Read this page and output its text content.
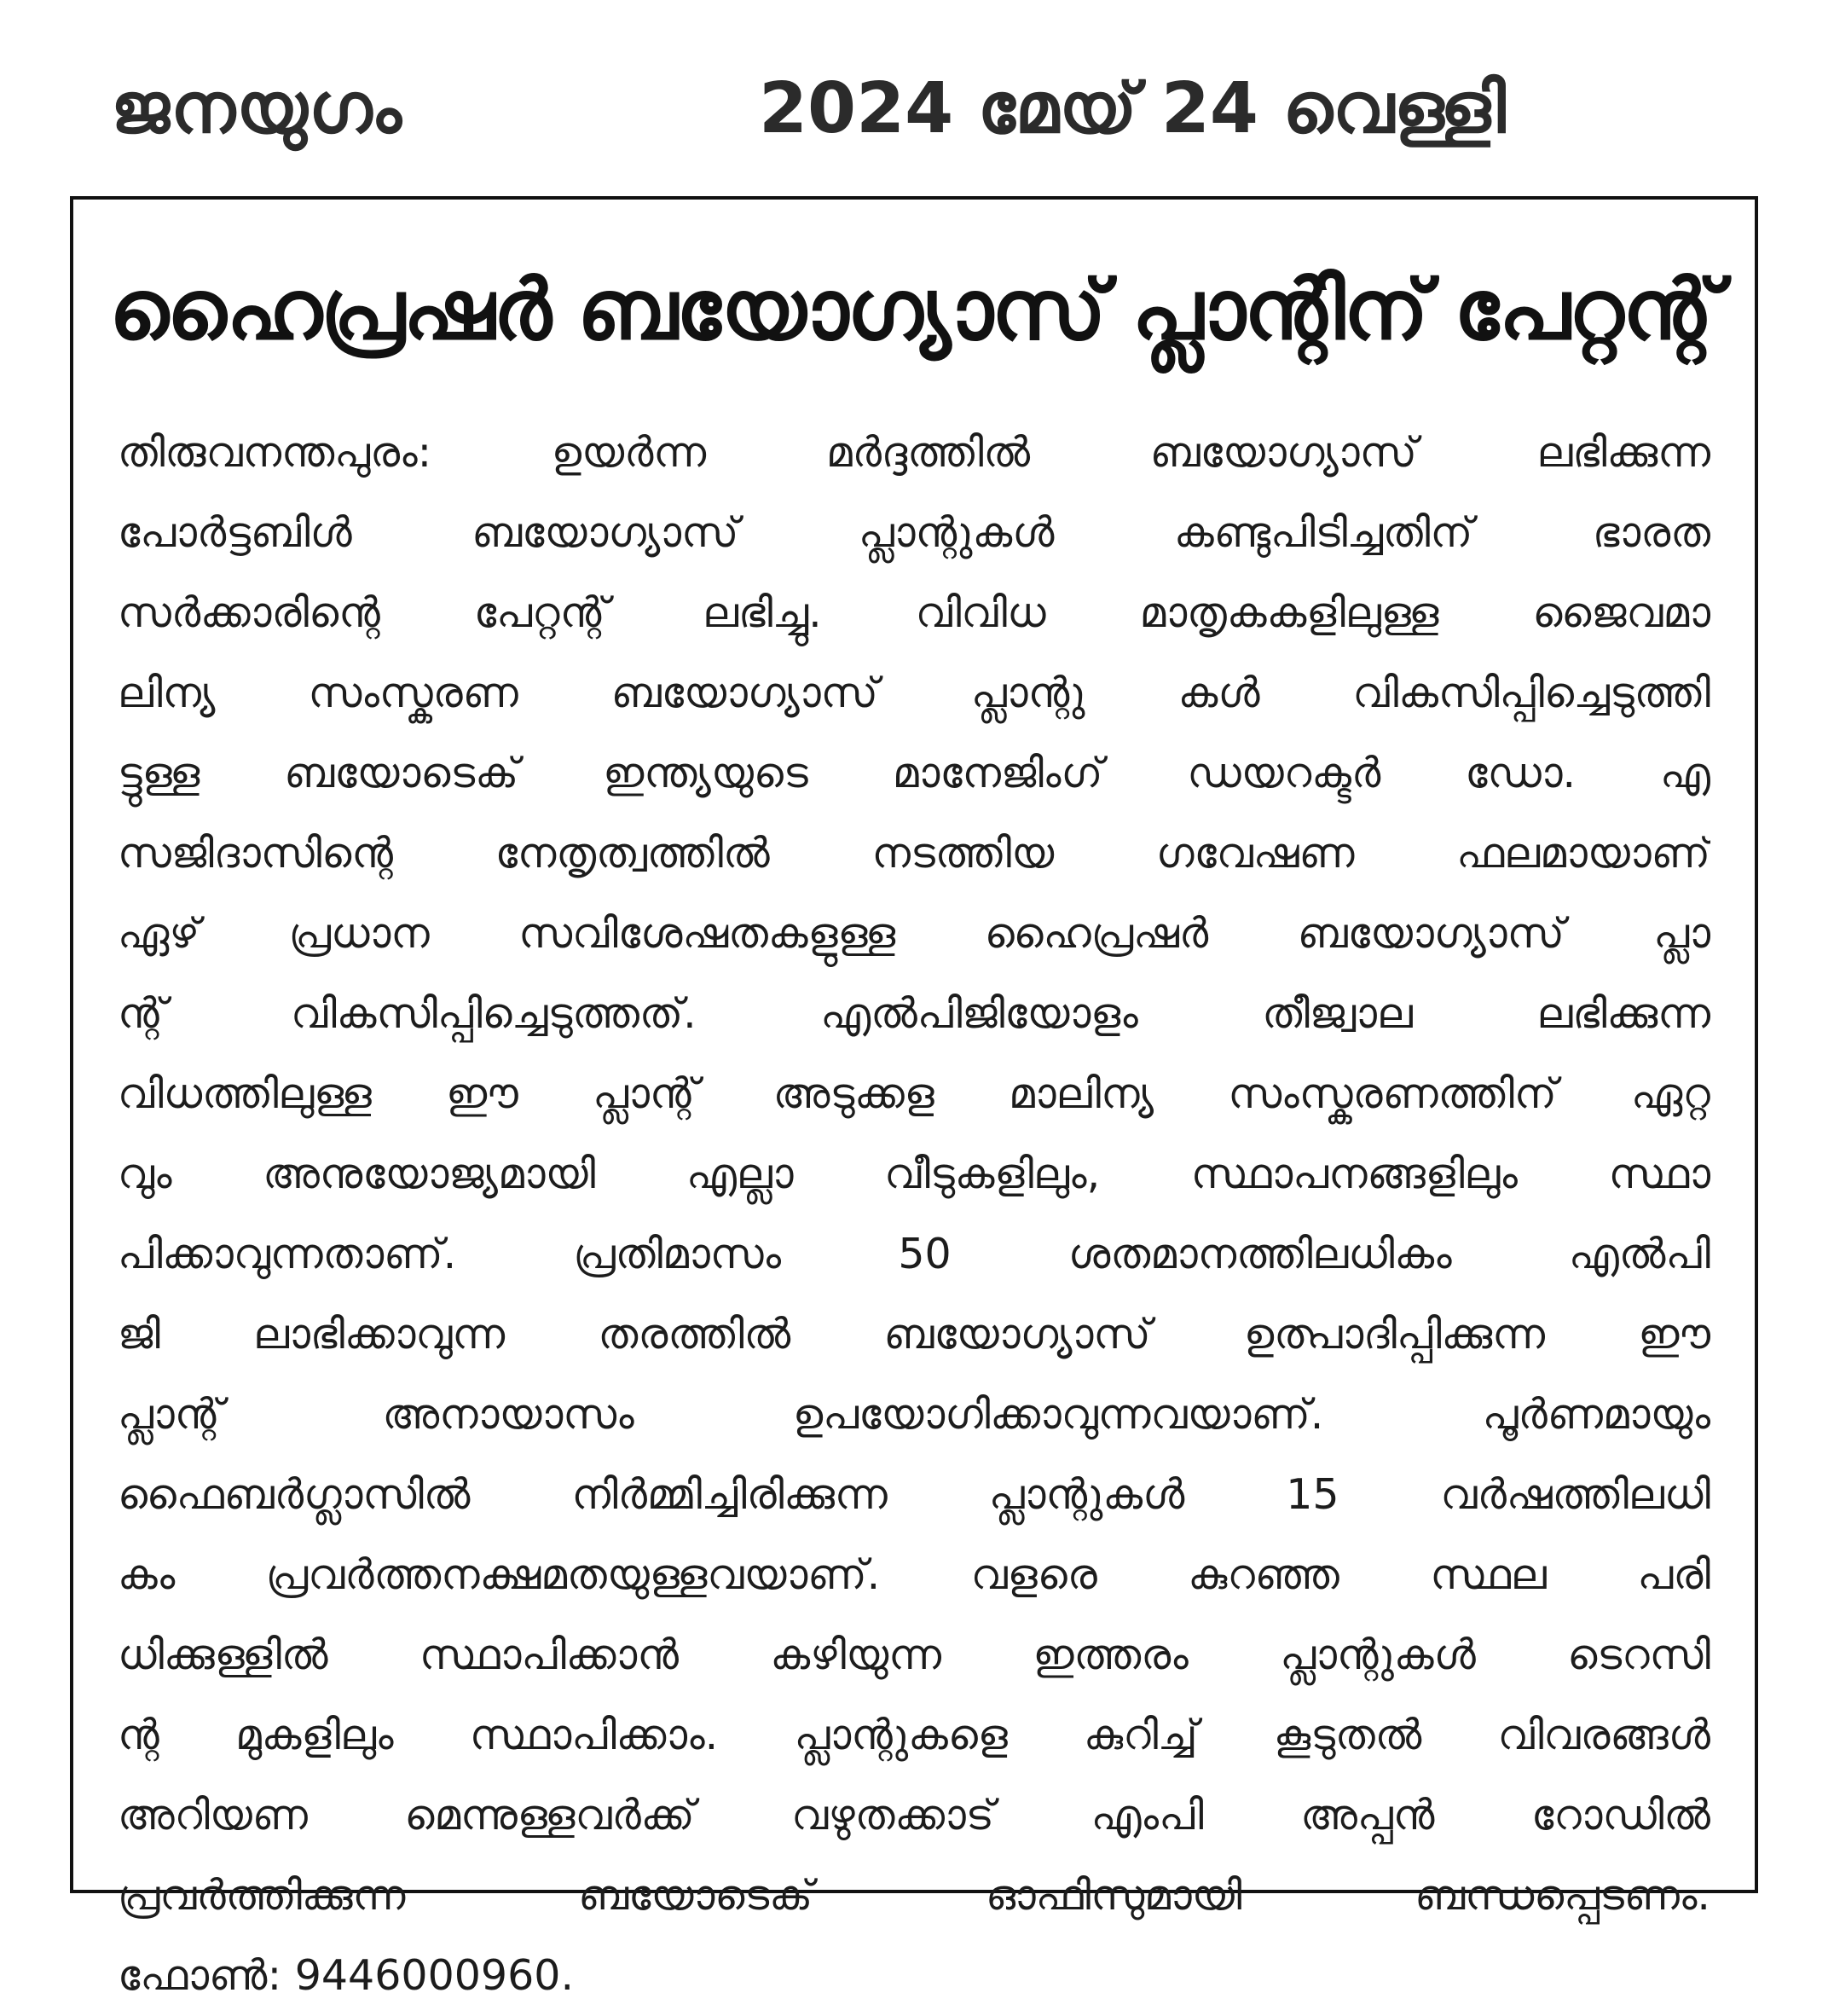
ജനയുഗം	2024 മേയ് 24 വെള്ളി
ഹൈപ്രഷർ ബയോഗ്യാസ് പ്ലാന്റിന് പേറ്റന്റ്
തിരുവനന്തപുരം: ഉയർന്ന മർദ്ദത്തിൽ ബയോഗ്യാസ് ലഭിക്കുന്ന
പോർട്ടബിൾ ബയോഗ്യാസ് പ്ലാന്റുകൾ കണ്ടുപിടിച്ചതിന് ഭാരത
സർക്കാരിന്റെ പേറ്റന്റ് ലഭിച്ചു. വിവിധ മാതൃകകളിലുള്ള ജൈവമാ
ലിന്യ സംസ്കരണ ബയോഗ്യാസ് പ്ലാന്റു കൾ വികസിപ്പിച്ചെടുത്തി
ട്ടുള്ള ബയോടെക് ഇന്ത്യയുടെ മാനേജിംഗ് ഡയറക്ടർ ഡോ. എ
സജിദാസിന്റെ നേതൃത്വത്തിൽ നടത്തിയ ഗവേഷണ ഫലമായാണ്
ഏഴ് പ്രധാന സവിശേഷതകളുള്ള ഹൈപ്രഷർ ബയോഗ്യാസ് പ്ലാ
ന്റ് വികസിപ്പിച്ചെടുത്തത്. എൽപിജിയോളം തീജ്വാല ലഭിക്കുന്ന
വിധത്തിലുള്ള ഈ പ്ലാന്റ് അടുക്കള മാലിന്യ സംസ്കരണത്തിന് ഏറ്റ
വും അനുയോജ്യമായി എല്ലാ വീടുകളിലും, സ്ഥാപനങ്ങളിലും സ്ഥാ
പിക്കാവുന്നതാണ്. പ്രതിമാസം 50 ശതമാനത്തിലധികം എൽപി
ജി ലാഭിക്കാവുന്ന തരത്തിൽ ബയോഗ്യാസ് ഉത്പാദിപ്പിക്കുന്ന ഈ
പ്ലാന്റ് അനായാസം ഉപയോഗിക്കാവുന്നവയാണ്. പൂർണമായും
ഫൈബർഗ്ലാസിൽ നിർമ്മിച്ചിരിക്കുന്ന പ്ലാന്റുകൾ 15 വർഷത്തിലധി
കം പ്രവർത്തനക്ഷമതയുള്ളവയാണ്. വളരെ കുറഞ്ഞ സ്ഥല പരി
ധിക്കുള്ളിൽ സ്ഥാപിക്കാൻ കഴിയുന്ന ഇത്തരം പ്ലാന്റുകൾ ടെറസി
ന്റ മുകളിലും സ്ഥാപിക്കാം. പ്ലാന്റുകളെ കുറിച്ച് കൂടുതൽ വിവരങ്ങൾ
അറിയണ മെന്നുള്ളവർക്ക് വഴുതക്കാട് എംപി അപ്പൻ റോഡിൽ
പ്രവർത്തിക്കുന്ന ബയോടെക് ഓഫിസുമായി ബന്ധപ്പെടണം.
ഫോൺ: 9446000960.
